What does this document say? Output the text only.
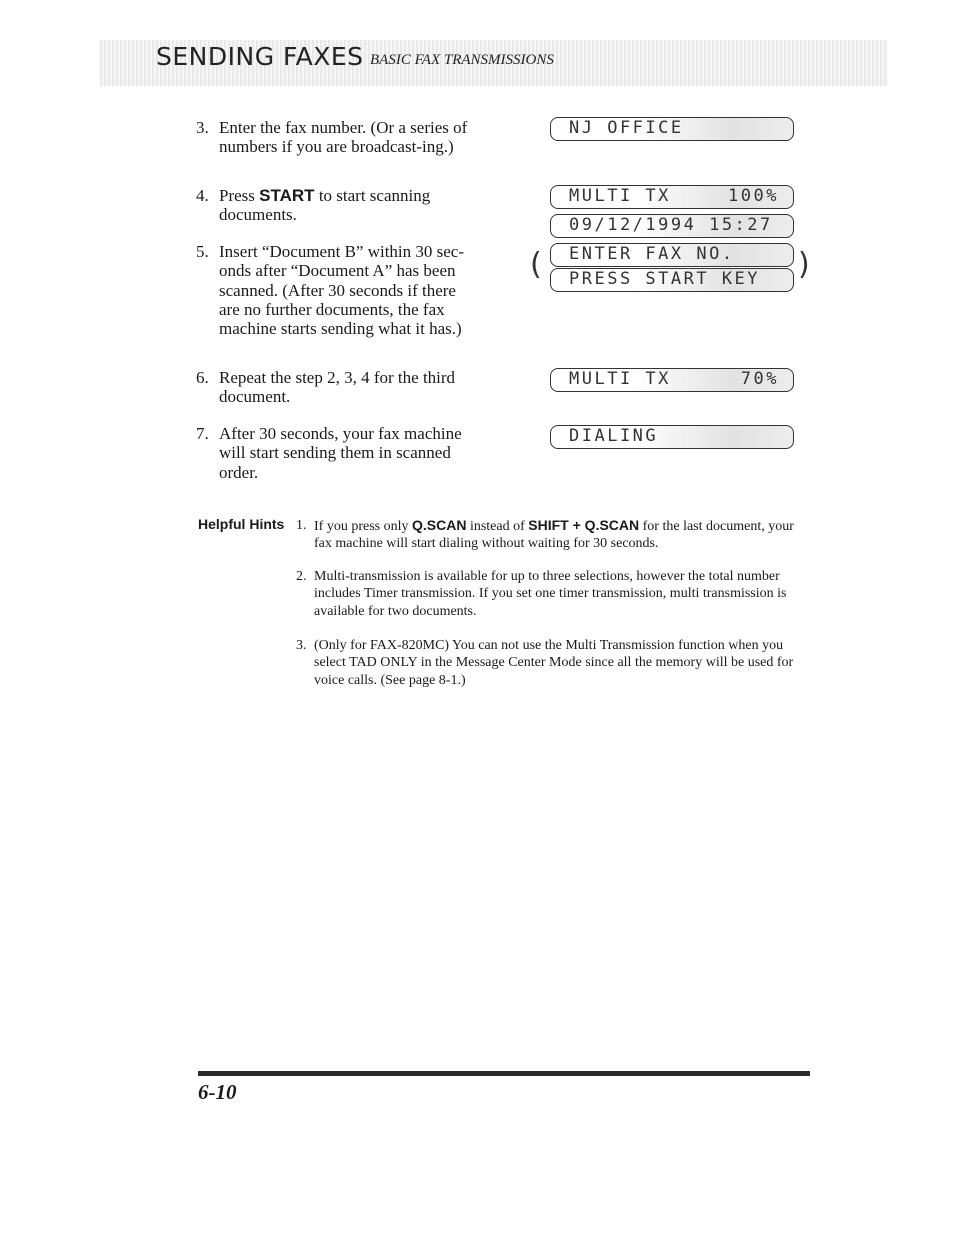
SENDING FAXES BASIC FAX TRANSMISSIONS
3. Enter the fax number. (Or a series of numbers if you are broadcast-ing.)
4. Press START to start scanning documents.
5. Insert “Document B” within 30 sec-onds after “Document A” has been scanned. (After 30 seconds if there are no further documents, the fax machine starts sending what it has.)
6. Repeat the step 2, 3, 4 for the third document.
7. After 30 seconds, your fax machine will start sending them in scanned order.
NJ OFFICE
MULTI TX	100%
09/12/1994 15:27
ENTER FAX NO.
PRESS START KEY
(	)
MULTI TX	70%
DIALING
Helpful Hints 1. If you press only Q.SCAN instead of SHIFT + Q.SCAN for the last document, your fax machine will start dialing without waiting for 30 seconds.
2. Multi-transmission is available for up to three selections, however the total number includes Timer transmission. If you set one timer transmission, multi transmission is available for two documents.
3. (Only for FAX-820MC) You can not use the Multi Transmission function when you select TAD ONLY in the Message Center Mode since all the memory will be used for voice calls. (See page 8-1.)
6-10
